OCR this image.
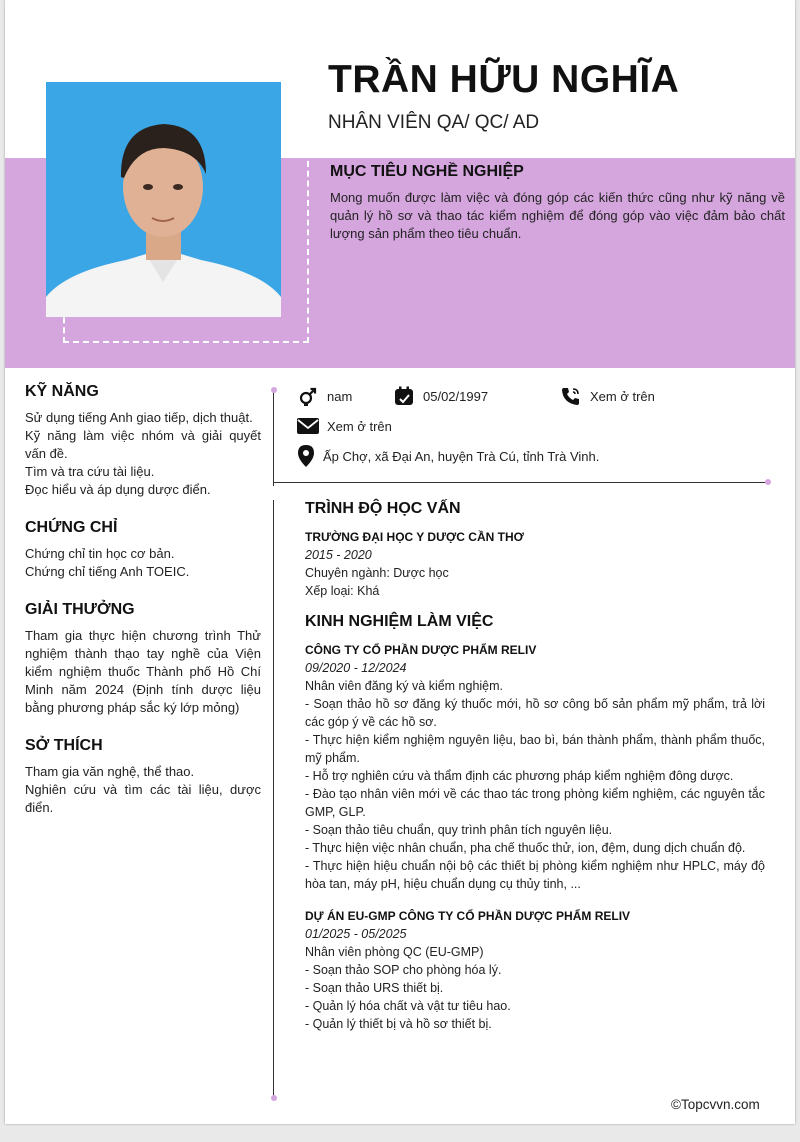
TRẦN HỮU NGHĨA
NHÂN VIÊN QA/ QC/ AD
MỤC TIÊU NGHỀ NGHIỆP
Mong muốn được làm việc và đóng góp các kiến thức cũng như kỹ năng về quản lý hồ sơ và thao tác kiểm nghiệm để đóng góp vào việc đảm bảo chất lượng sản phẩm theo tiêu chuẩn.
KỸ NĂNG
Sử dụng tiếng Anh giao tiếp, dịch thuật.
Kỹ năng làm việc nhóm và giải quyết vấn đề.
Tìm và tra cứu tài liệu.
Đọc hiểu và áp dụng dược điển.
CHỨNG CHỈ
Chứng chỉ tin học cơ bản.
Chứng chỉ tiếng Anh TOEIC.
GIẢI THƯỞNG
Tham gia thực hiện chương trình Thử nghiệm thành thạo tay nghề của Viện kiểm nghiệm thuốc Thành phố Hồ Chí Minh năm 2024 (Định tính dược liệu bằng phương pháp sắc ký lớp mỏng)
SỞ THÍCH
Tham gia văn nghệ, thể thao.
Nghiên cứu và tìm các tài liệu, dược điển.
nam	05/02/1997	Xem ở trên
Xem ở trên
Ấp Chợ, xã Đại An, huyện Trà Cú, tỉnh Trà Vinh.
TRÌNH ĐỘ HỌC VẤN
TRƯỜNG ĐẠI HỌC Y DƯỢC CẦN THƠ
2015 - 2020
Chuyên ngành: Dược học
Xếp loại: Khá
KINH NGHIỆM LÀM VIỆC
CÔNG TY CỔ PHẦN DƯỢC PHẨM RELIV
09/2020 - 12/2024
Nhân viên đăng ký và kiểm nghiệm.
- Soạn thảo hồ sơ đăng ký thuốc mới, hồ sơ công bố sản phẩm mỹ phẩm, trả lời các góp ý về các hồ sơ.
- Thực hiện kiểm nghiệm nguyên liệu, bao bì, bán thành phẩm, thành phẩm thuốc, mỹ phẩm.
- Hỗ trợ nghiên cứu và thẩm định các phương pháp kiểm nghiệm đông dược.
- Đào tạo nhân viên mới về các thao tác trong phòng kiểm nghiệm, các nguyên tắc GMP, GLP.
- Soạn thảo tiêu chuẩn, quy trình phân tích nguyên liệu.
- Thực hiện việc nhân chuẩn, pha chế thuốc thử, ion, đệm, dung dịch chuẩn độ.
- Thực hiện hiệu chuẩn nội bộ các thiết bị phòng kiểm nghiệm như HPLC, máy độ hòa tan, máy pH, hiệu chuẩn dụng cụ thủy tinh, ...
DỰ ÁN EU-GMP CÔNG TY CỔ PHẦN DƯỢC PHẨM RELIV
01/2025 - 05/2025
Nhân viên phòng QC (EU-GMP)
- Soạn thảo SOP cho phòng hóa lý.
- Soạn thảo URS thiết bị.
- Quản lý hóa chất và vật tư tiêu hao.
- Quản lý thiết bị và hồ sơ thiết bị.
©Topcvvn.com
